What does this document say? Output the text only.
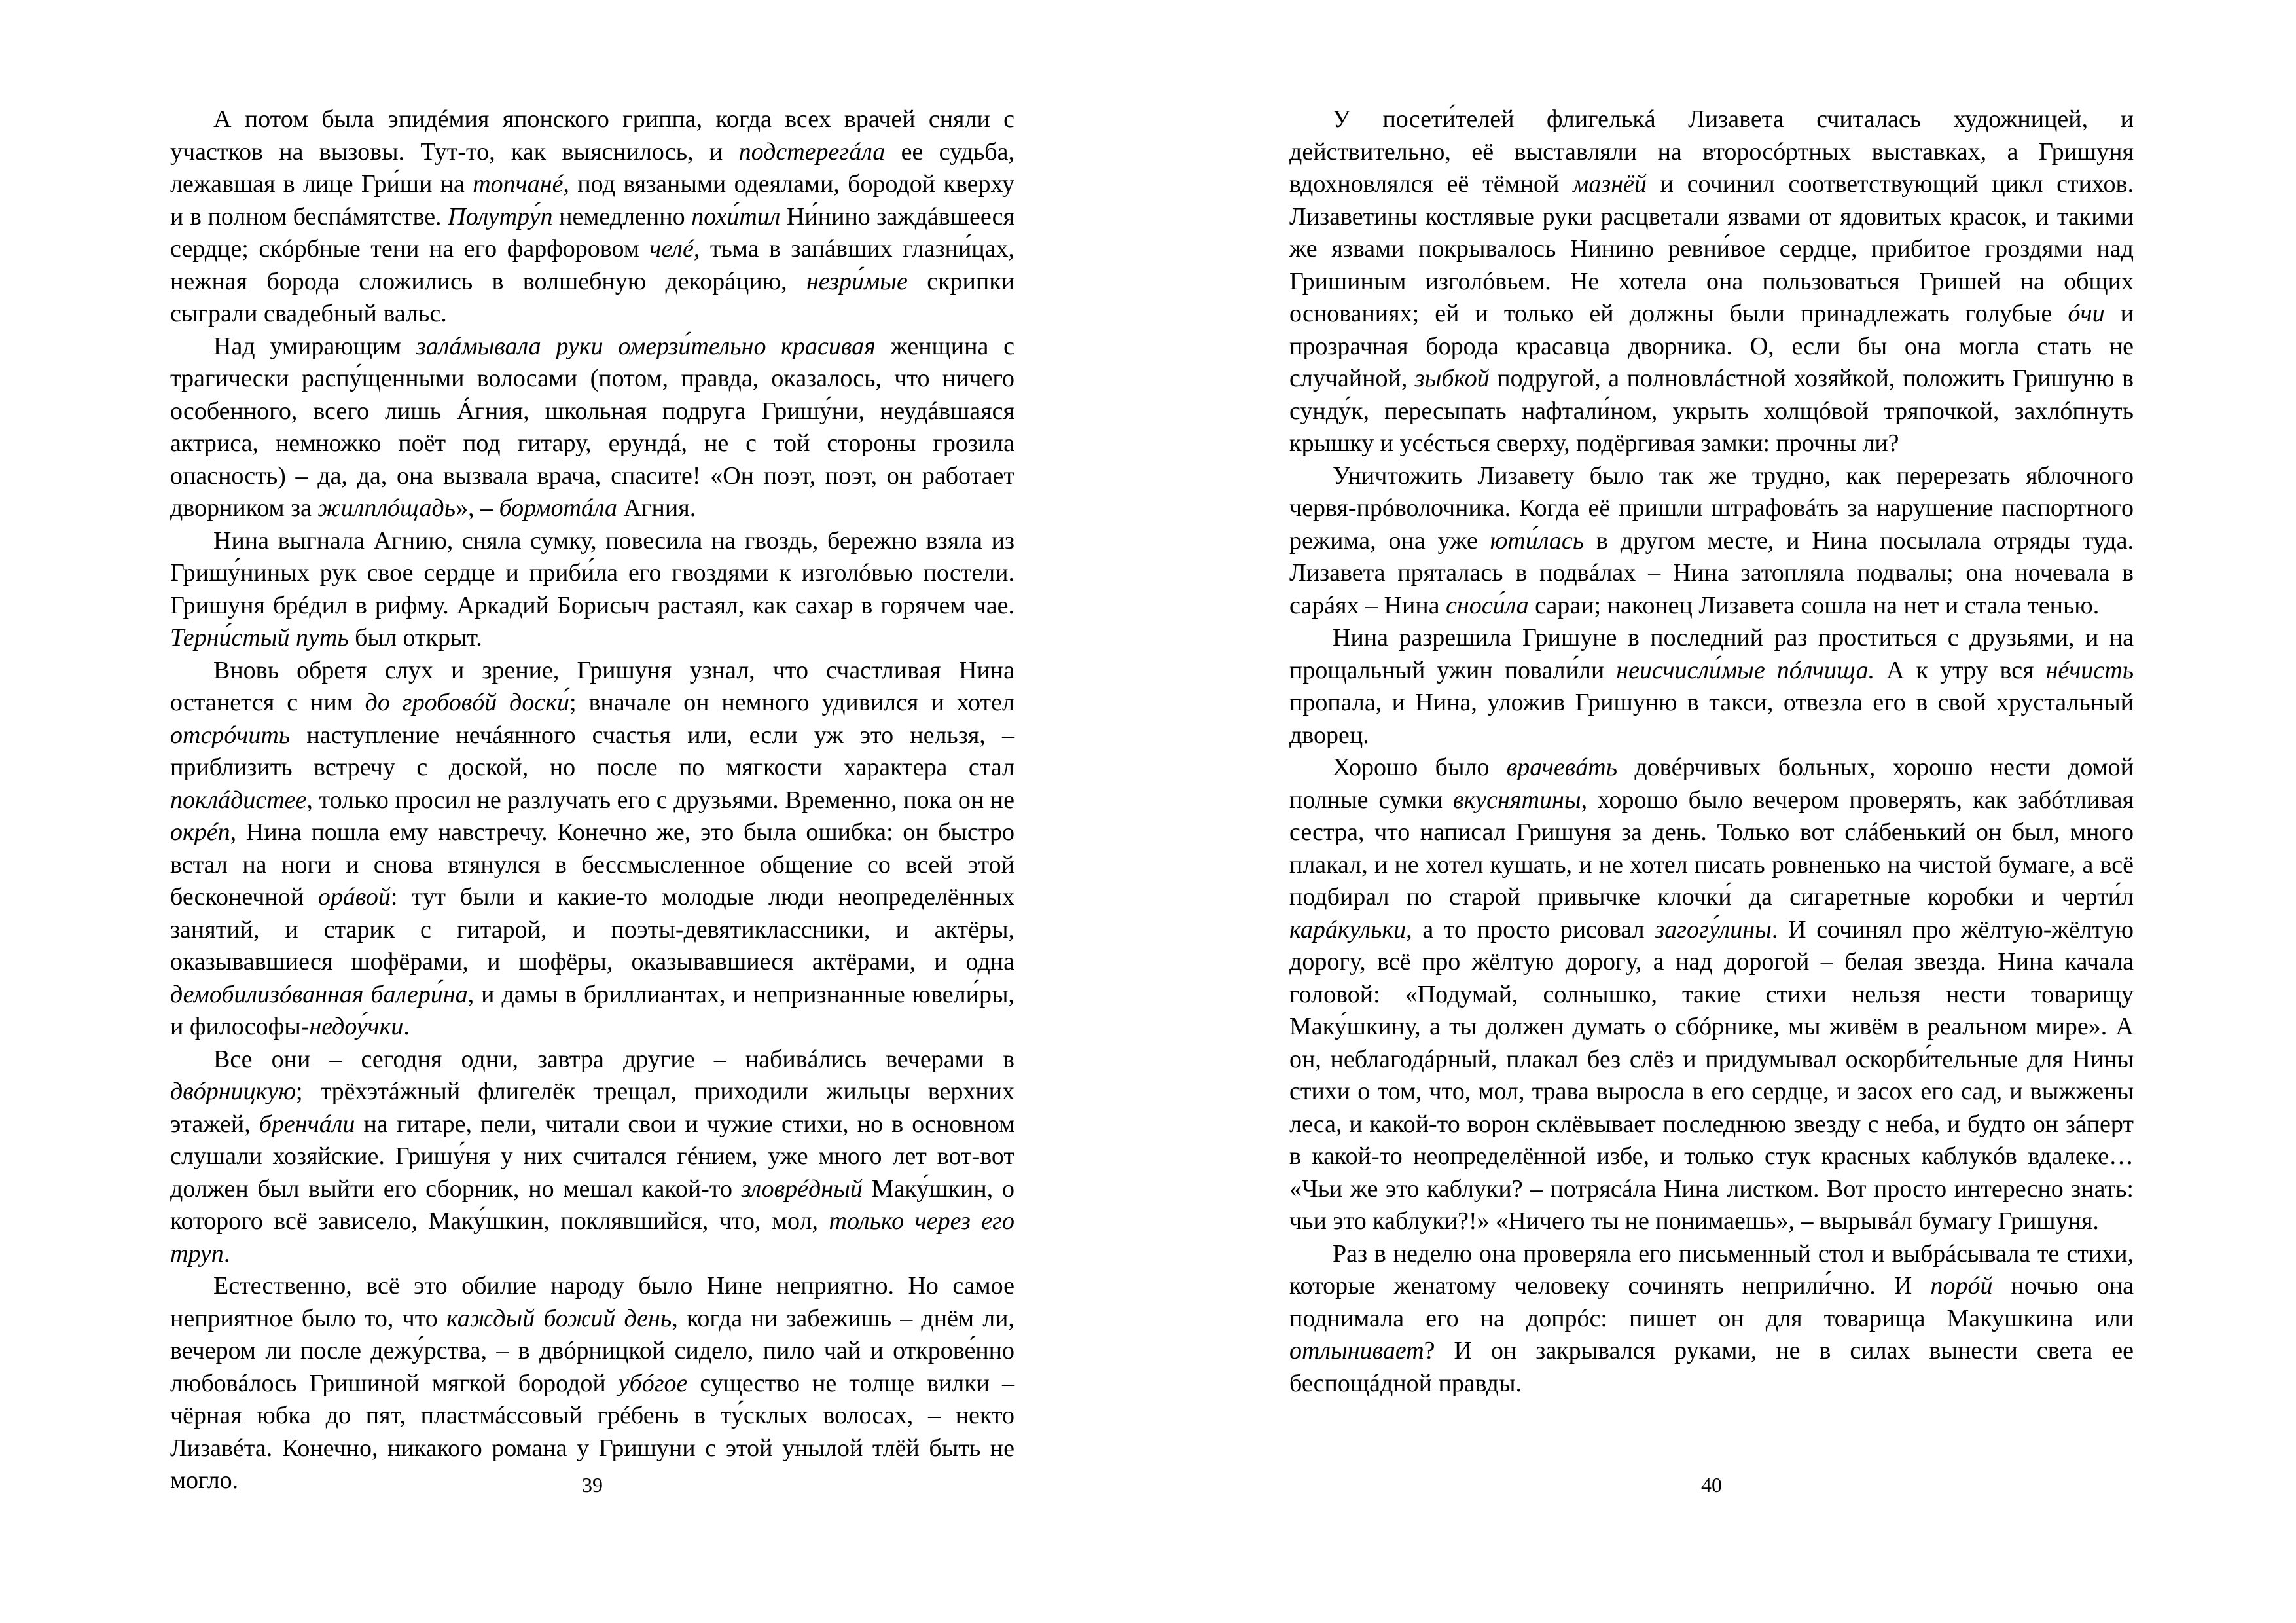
А потом была эпидéмия японского гриппа, когда всех врачей сняли с участков на вызовы. Тут-то, как выяснилось, и подстерегáла ее судьба, лежавшая в лице Гри́ши на топчанé, под вязаными одеялами, бородой кверху и в полном беспáмятстве. Полутру́п немедленно похи́тил Ни́нино заждáвшееся сердце; скóрбные тени на его фарфоровом челé, тьма в запáвших глазни́цах, нежная борода сложились в волшебную декорáцию, незри́мые скрипки сыграли свадебный вальс.

Над умирающим залáмывала руки омерзи́тельно красивая женщина с трагически распу́щенными волосами (потом, правда, оказалось, что ничего особенного, всего лишь Áгния, школьная подруга Гришу́ни, неудáвшаяся актриса, немножко поёт под гитару, ерундá, не с той стороны грозила опасность) – да, да, она вызвала врача, спасите! «Он поэт, поэт, он работает дворником за жилплóщадь», – бормотáла Агния.

Нина выгнала Агнию, сняла сумку, повесила на гвоздь, бережно взяла из Гришу́ниных рук свое сердце и приби́ла его гвоздями к изголóвью постели. Гришуня брéдил в рифму. Аркадий Борисыч растаял, как сахар в горячем чае. Терни́стый путь был открыт.

Вновь обретя слух и зрение, Гришуня узнал, что счастливая Нина останется с ним до гробовóй доски́; вначале он немного удивился и хотел отсрóчить наступление нечáянного счастья или, если уж это нельзя, – приблизить встречу с доской, но после по мягкости характера стал поклáдистее, только просил не разлучать его с друзьями. Временно, пока он не окрéп, Нина пошла ему навстречу. Конечно же, это была ошибка: он быстро встал на ноги и снова втянулся в бессмысленное общение со всей этой бесконечной орáвой: тут были и какие-то молодые люди неопределённых занятий, и старик с гитарой, и поэты-девятиклассники, и актёры, оказывавшиеся шофёрами, и шофёры, оказывавшиеся актёрами, и одна демобилизóванная балери́на, и дамы в бриллиантах, и непризнанные ювели́ры, и философы-недоу́чки.

Все они – сегодня одни, завтра другие – набивáлись вечерами в двóрницкую; трёхэтáжный флигелёк трещал, приходили жильцы верхних этажей, бренчáли на гитаре, пели, читали свои и чужие стихи, но в основном слушали хозяйские. Гришу́ня у них считался гéнием, уже много лет вот-вот должен был выйти его сборник, но мешал какой-то зловрéдный Маку́шкин, о которого всё зависело, Маку́шкин, поклявшийся, что, мол, только через его труп.

Естественно, всё это обилие народу было Нине неприятно. Но самое неприятное было то, что каждый божий день, когда ни забежишь – днём ли, вечером ли после дежу́рства, – в двóрницкой сидело, пило чай и открове́нно любовáлось Гришиной мягкой бородой убóгое существо не толще вилки – чёрная юбка до пят, пластмáссовый грéбень в ту́склых волосах, – некто Лизавéта. Конечно, никакого романа у Гришуни с этой унылой тлёй быть не могло.	39

У посети́телей флигелькá Лизавета считалась художницей, и действительно, её выставляли на второсóртных выставках, а Гришуня вдохновлялся её тёмной мазнёй и сочинил соответствующий цикл стихов. Лизаветины костлявые руки расцветали язвами от ядовитых красок, и такими же язвами покрывалось Нинино ревни́вое сердце, прибитое гроздями над Гришиным изголóвьем. Не хотела она пользоваться Гришей на общих основаниях; ей и только ей должны были принадлежать голубые óчи и прозрачная борода красавца дворника. О, если бы она могла стать не случайной, зыбкой подругой, а полновлáстной хозяйкой, положить Гришуню в сунду́к, пересыпать нафтали́ном, укрыть холщóвой тряпочкой, захлóпнуть крышку и усéсться сверху, подёргивая замки: прочны ли?

Уничтожить Лизавету было так же трудно, как перерезать яблочного червя-прóволочника. Когда её пришли штрафовáть за нарушение паспортного режима, она уже юти́лась в другом месте, и Нина посылала отряды туда. Лизавета пряталась в подвáлах – Нина затопляла подвалы; она ночевала в сарáях – Нина сноси́ла сараи; наконец Лизавета сошла на нет и стала тенью.

Нина разрешила Гришуне в последний раз проститься с друзьями, и на прощальный ужин повали́ли неисчисли́мые пóлчища. А к утру вся нéчисть пропала, и Нина, уложив Гришуню в такси, отвезла его в свой хрустальный дворец.

Хорошо было врачевáть довéрчивых больных, хорошо нести домой полные сумки вкуснятины, хорошо было вечером проверять, как забóтливая сестра, что написал Гришуня за день. Только вот слáбенький он был, много плакал, и не хотел кушать, и не хотел писать ровненько на чистой бумаге, а всё подбирал по старой привычке клочки́ да сигаретные коробки и черти́л карáкульки, а то просто рисовал загогу́лины. И сочинял про жёлтую-жёлтую дорогу, всё про жёлтую дорогу, а над дорогой – белая звезда. Нина качала головой: «Подумай, солнышко, такие стихи нельзя нести товарищу Маку́шкину, а ты должен думать о сбóрнике, мы живём в реальном мире». А он, неблагодáрный, плакал без слёз и придумывал оскорби́тельные для Нины стихи о том, что, мол, трава выросла в его сердце, и засох его сад, и выжжены леса, и какой-то ворон склёвывает последнюю звезду с неба, и будто он зáперт в какой-то неопределённой избе, и только стук красных каблукóв вдалеке… «Чьи же это каблуки? – потрясáла Нина листком. Вот просто интересно знать: чьи это каблуки?!» «Ничего ты не понимаешь», – вырывáл бумагу Гришуня.

Раз в неделю она проверяла его письменный стол и выбрáсывала те стихи, которые женатому человеку сочинять неприли́чно. И порóй ночью она поднимала его на допрóс: пишет он для товарища Макушкина или отлынивает? И он закрывался руками, не в силах вынести света ее беспощáдной правды.

40
